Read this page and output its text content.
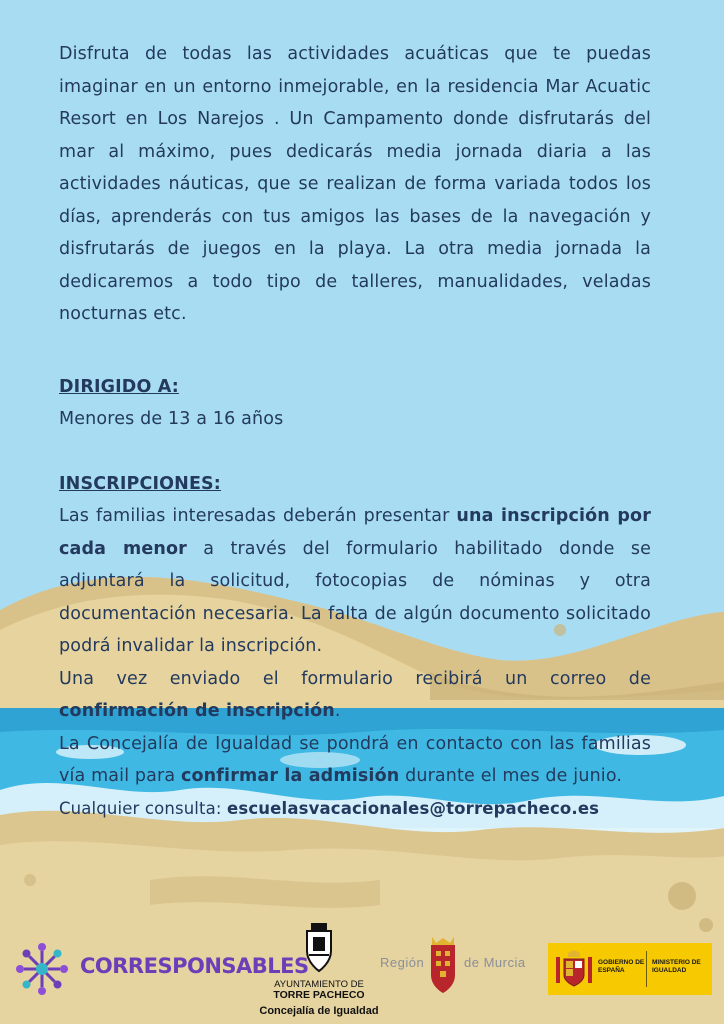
Disfruta de todas las actividades acuáticas que te puedas imaginar en un entorno inmejorable, en la residencia Mar Acuatic Resort en Los Narejos . Un Campamento donde disfrutarás del mar al máximo, pues dedicarás media jornada diaria a las actividades náuticas, que se realizan de forma variada todos los días, aprenderás con tus amigos las bases de la navegación y disfrutarás de juegos en la playa. La otra media jornada la dedicaremos a todo tipo de talleres, manualidades, veladas nocturnas etc.

DIRIGIDO A:

Menores de 13 a 16 años

INSCRIPCIONES:

Las familias interesadas deberán presentar una inscripción por cada menor a través del formulario habilitado donde se adjuntará la solicitud, fotocopias de nóminas y otra documentación necesaria. La falta de algún documento solicitado podrá invalidar la inscripción.

Una vez enviado el formulario recibirá un correo de confirmación de inscripción.

La Concejalía de Igualdad se pondrá en contacto con las familias vía mail para confirmar la admisión durante el mes de junio.

Cualquier consulta: escuelasvacacionales@torrepacheco.es

CORRESPONSABLES
AYUNTAMIENTO DE
TORRE PACHECO
Concejalía de Igualdad
Región	de Murcia	GOBIERNO DE ESPAÑA
MINISTERIO DE IGUALDAD
